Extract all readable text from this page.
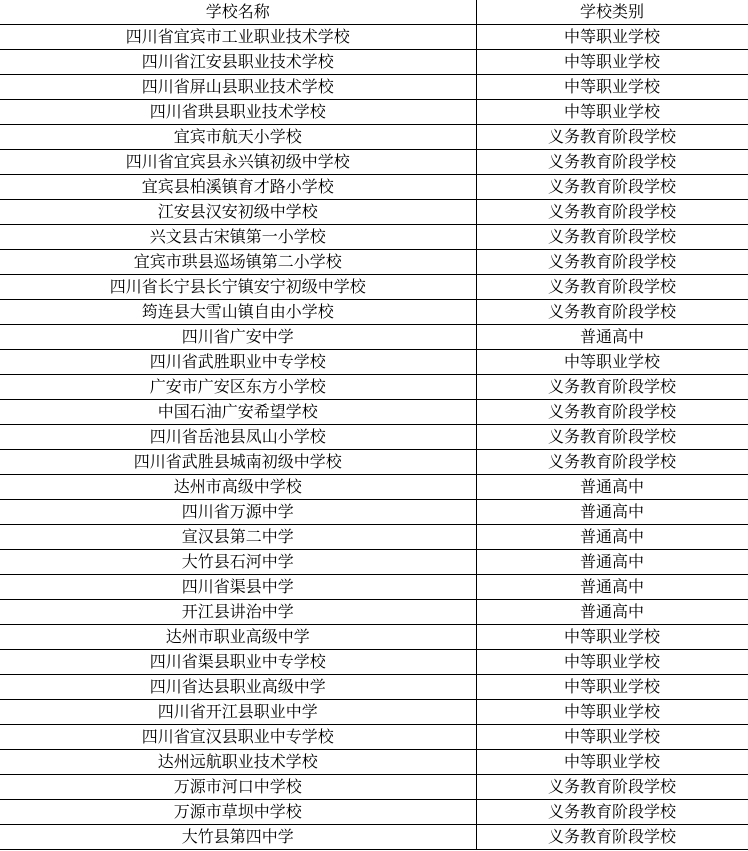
学校名称	学校类别
四川省宜宾市工业职业技术学校	中等职业学校
四川省江安县职业技术学校	中等职业学校
四川省屏山县职业技术学校	中等职业学校
四川省珙县职业技术学校	中等职业学校
宜宾市航天小学校	义务教育阶段学校
四川省宜宾县永兴镇初级中学校	义务教育阶段学校
宜宾县柏溪镇育才路小学校	义务教育阶段学校
江安县汉安初级中学校	义务教育阶段学校
兴文县古宋镇第一小学校	义务教育阶段学校
宜宾市珙县巡场镇第二小学校	义务教育阶段学校
四川省长宁县长宁镇安宁初级中学校	义务教育阶段学校
筠连县大雪山镇自由小学校	义务教育阶段学校
四川省广安中学	普通高中
四川省武胜职业中专学校	中等职业学校
广安市广安区东方小学校	义务教育阶段学校
中国石油广安希望学校	义务教育阶段学校
四川省岳池县凤山小学校	义务教育阶段学校
四川省武胜县城南初级中学校	义务教育阶段学校
达州市高级中学校	普通高中
四川省万源中学	普通高中
宣汉县第二中学	普通高中
大竹县石河中学	普通高中
四川省渠县中学	普通高中
开江县讲治中学	普通高中
达州市职业高级中学	中等职业学校
四川省渠县职业中专学校	中等职业学校
四川省达县职业高级中学	中等职业学校
四川省开江县职业中学	中等职业学校
四川省宣汉县职业中专学校	中等职业学校
达州远航职业技术学校	中等职业学校
万源市河口中学校	义务教育阶段学校
万源市草坝中学校	义务教育阶段学校
大竹县第四中学	义务教育阶段学校
